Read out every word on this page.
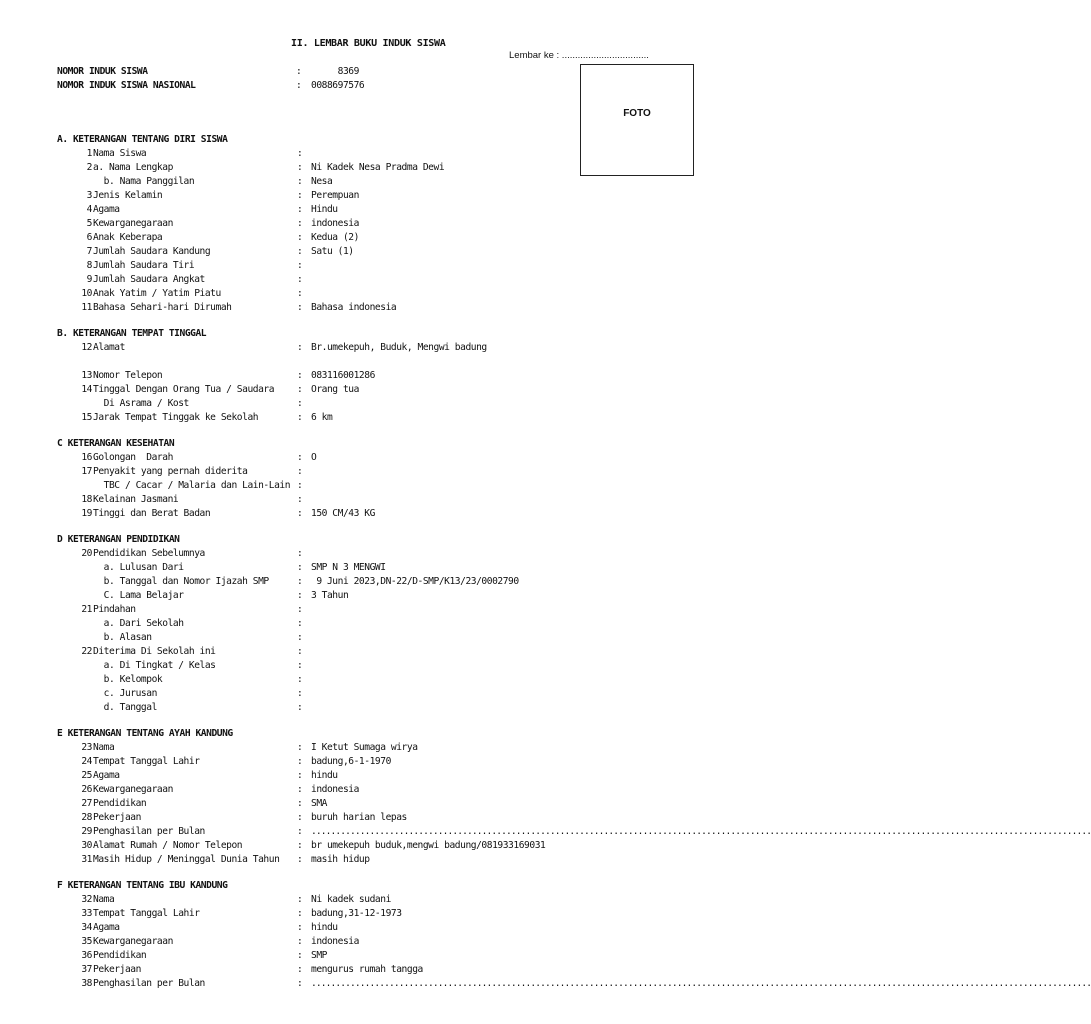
II. LEMBAR BUKU INDUK SISWA
Lembar ke : .................................
FOTO
NOMOR INDUK SISWA	: 8369
NOMOR INDUK SISWA NASIONAL	: 0088697576
A. KETERANGAN TENTANG DIRI SISWA
1 Nama Siswa	:
2 a. Nama Lengkap	: Ni Kadek Nesa Pradma Dewi
b. Nama Panggilan	: Nesa
3 Jenis Kelamin	: Perempuan
4 Agama	: Hindu
5 Kewarganegaraan	: indonesia
6 Anak Keberapa	: Kedua (2)
7 Jumlah Saudara Kandung	: Satu (1)
8 Jumlah Saudara Tiri	:
9 Jumlah Saudara Angkat	:
10 Anak Yatim / Yatim Piatu	:
11 Bahasa Sehari-hari Dirumah	: Bahasa indonesia
B. KETERANGAN TEMPAT TINGGAL
12 Alamat	: Br.umekepuh, Buduk, Mengwi badung
13 Nomor Telepon	: 083116001286
14 Tinggal Dengan Orang Tua / Saudara	: Orang tua
Di Asrama / Kost	:
15 Jarak Tempat Tinggak ke Sekolah	: 6 km
C KETERANGAN KESEHATAN
16 Golongan  Darah	: O
17 Penyakit yang pernah diderita	:
TBC / Cacar / Malaria dan Lain-Lain :
18 Kelainan Jasmani	:
19 Tinggi dan Berat Badan	: 150 CM/43 KG
D KETERANGAN PENDIDIKAN
20 Pendidikan Sebelumnya	:
a. Lulusan Dari	: SMP N 3 MENGWI
b. Tanggal dan Nomor Ijazah SMP	: 9 Juni 2023,DN-22/D-SMP/K13/23/0002790
C. Lama Belajar	: 3 Tahun
21 Pindahan	:
a. Dari Sekolah	:
b. Alasan	:
22 Diterima Di Sekolah ini	:
a. Di Tingkat / Kelas	:
b. Kelompok	:
c. Jurusan	:
d. Tanggal	:
E KETERANGAN TENTANG AYAH KANDUNG
23 Nama	: I Ketut Sumaga wirya
24 Tempat Tanggal Lahir	: badung,6-1-1970
25 Agama	: hindu
26 Kewarganegaraan	: indonesia
27 Pendidikan	: SMA
28 Pekerjaan	: buruh harian lepas
29 Penghasilan per Bulan	: ................................................................................................................................................................
30 Alamat Rumah / Nomor Telepon	: br umekepuh buduk,mengwi badung/081933169031
31 Masih Hidup / Meninggal Dunia Tahun	: masih hidup
F KETERANGAN TENTANG IBU KANDUNG
32 Nama	: Ni kadek sudani
33 Tempat Tanggal Lahir	: badung,31-12-1973
34 Agama	: hindu
35 Kewarganegaraan	: indonesia
36 Pendidikan	: SMP
37 Pekerjaan	: mengurus rumah tangga
38 Penghasilan per Bulan	: ................................................................................................................................................................
